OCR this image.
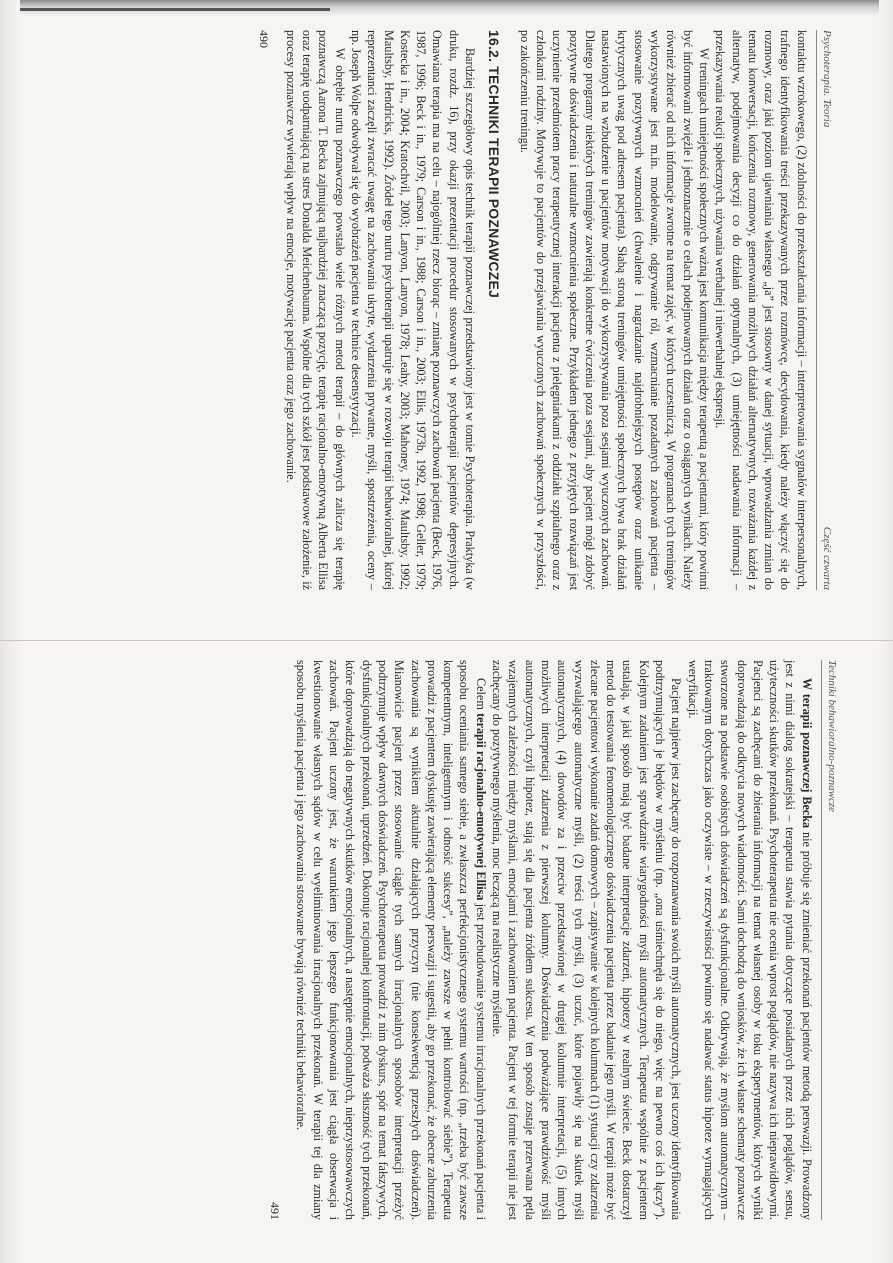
Psychoterapia. Teoria
Część czwarta

kontaktu wzrokowego, (2) zdolności do przekształcania informacji – interpretowania sygnałów interpersonalnych, trafnego identyfikowania treści przekazywanych przez rozmówcę, decydowania, kiedy należy włączyć się do rozmowy, oraz jaki poziom ujawniania własnego „ja” jest stosowny w danej sytuacji, wprowadzania zmian do tematu konwersacji, kończenia rozmowy, generowania możliwych działań alternatywnych, rozważania każdej z alternatyw, podejmowania decyzji co do działań optymalnych, (3) umiejętności nadawania informacji – przekazywania reakcji społecznych, używania werbalnej i niewerbalnej ekspresji.

W treningach umiejętności społecznych ważną jest komunikacja między terapeutą a pacjentami, który powinni być informowani zwięźle i jednoznacznie o celach podejmowanych działań oraz o osiąganych wynikach. Należy również zbierać od nich informacje zwrotne na temat zajęć, w których uczestniczą. W programach tych treningów wykorzystywane jest m.in. modelowanie, odgrywanie ról, wzmacnianie pozadanych zachowań pacjenta – stosowanie pozytywnych wzmocnień (chwalenie i nagradzanie najdrobniejszych postępów oraz unikanie krytycznych uwag pod adresem pacjenta). Słabą stroną treningów umiejętności społecznych bywa brak działań nastawionych na wzbudzenie u pacjentów motywacji do wykorzystywania poza sesjami wyuczonych zachowań. Dlatego programy niektórych treningów zawierają konkretne ćwiczenia poza sesjami, aby pacjent mógł zdobyć pozytywne doświadczenia i naturalne wzmocnienia społeczne. Przykładem jednego z przyjętych rozwiązań jest uczynienie przedmiotem pracy terapeutycznej interakcji pacjenta z pielęgniarkami z oddziału szpitalnego oraz z członkami rodziny. Motywuje to pacjentów do przejawiania wyuczonych zachowań społecznych w przyszłości, po zakończeniu treningu.

16.2. TECHNIKI TERAPII POZNAWCZEJ

Bardziej szczegółowy opis technik terapii poznawczej przedstawiony jest w tomie Psychoterapia. Praktyka (w druku, rozdz. 16), przy okazji prezentacji procedur stosowanych w psychoterapii pacjentów depresyjnych. Omawiana terapia ma na celu – najogólniej rzecz biorąc – zmianę poznawczych zachowań pacjenta (Beck, 1976, 1987, 1996; Beck i in., 1979; Carson i in., 1988; Carson i in., 2003; Ellis, 1973b, 1992, 1998; Geller, 1979; Kostecka i in., 2004; Kratochvil, 2003; Lanyon, Lanyon, 1978; Leahy, 2003; Mahoney, 1974; Maultsby, 1992; Maultsby, Hendricks, 1992). Źródeł tego nurtu psychoterapii upatruje się w rozwoju terapii behawioralnej, której reprezentanci zaczęli zwracać uwagę na zachowania ukryte, wydarzenia prywatne, myśli, spostrzeżenia, oceny – np. Joseph Wolpe odwoływał się do wyobrażeń pacjenta w technice desensytyzacji.

W obrębie nurtu poznawczego powstało wiele różnych metod terapii – do głównych zalicza się terapię poznawczą Aarona T. Becka zajmującą najbardziej znaczącą pozycję, terapię racjonalno-emotywną Alberta Ellisa oraz terapię uodparniającą na stres Donalda Meichenbauma. Wspólne dla tych szkół jest podstawowe założenie, iż procesy poznawcze wywierają wpływ na emocje, motywację pacjenta oraz jego zachowanie.

490
Techniki behawioralno-poznawcze

W terapii poznawczej Becka nie próbuje się zmieniać przekonań pacjentów metodą perswazji. Prowadzony jest z nimi dialog sokratejski – terapeuta stawia pytania dotyczące posiadanych przez nich poglądów, sensu, użyteczności skutków przekonań. Psychoterapeuta nie ocenia wprost poglądów, nie nazywa ich nieprawidłowymi. Pacjenci są zachęcani do zbierania informacji na temat własnej osoby w toku eksperymentów, których wyniki doprowadzają do odkrycia nowych wiadomości. Sami dochodzą do wniosków, że ich własne schematy poznawcze stworzone na podstawie osobistych doświadczeń są dysfunkcjonalne. Odkrywają, że myślom automatycznym – traktowanym dotychczas jako oczywiste – w rzeczywistości powinno się nadawać status hipotez wymagających weryfikacji.

Pacjent najpierw jest zachęcany do rozpoznawania swoich myśli automatycznych, jest uczony identyfikowania podtrzymujących je błędów w myśleniu (np. „ona uśmiechnęła się do niego, więc na pewno coś ich łączy”). Kolejnym zadaniem jest sprawdzanie wiarygodności myśli automatycznych. Terapeuta wspólnie z pacjentem ustalają, w jaki sposób mają być badane interpretacje zdarzeń, hipotezy w realnym świecie. Beck dostarczył metod do testowania fenomenologicznego doświadczenia pacjenta przez badanie jego myśli. W terapii może być zlecane pacjentowi wykonanie zadań domowych – zapisywanie w kolejnych kolumnach (1) sytuacji czy zdarzenia wyzwalającego automatyczne myśli, (2) treści tych myśli, (3) uczuć, które pojawiły się na skutek myśli automatycznych, (4) dowodów za i przeciw przedstawionej w drugiej kolumnie interpretacji, (5) innych możliwych interpretacji zdarzenia z pierwszej kolumny. Doświadczenia podważające prawdziwość myśli automatycznych, czyli hipotez, stają się dla pacjenta źródłem sukcesu. W ten sposób zostaje przerwana pętla wzajemnych zależności między myślami, emocjami i zachowaniem pacjenta. Pacjent w tej formie terapii nie jest zachęcany do pozytywnego myślenia, moc leczącą ma realistyczne myślenie.

Celem terapii racjonalno-emotywnej Ellisa jest przebudowanie systemu irracjonalnych przekonań pacjenta i sposobu oceniania samego siebie, a zwłaszcza perfekcjonistycznego systemu wartości (np. „trzeba być zawsze kompetentnym, inteligentnym i odnosić sukcesy”, „należy zawsze w pełni kontrolować siebie”). Terapeuta prowadzi z pacjentem dyskusję zawierającą elementy perswazji i sugestii, aby go przekonać, że obecne zaburzenia zachowania są wynikiem aktualnie działających przyczyn (nie konsekwencją przeszłych doświadczeń). Mianowicie pacjent przez stosowanie ciągle tych samych irracjonalnych sposobów interpretacji przeżyć podtrzymuje wpływ dawnych doświadczeń. Psychoterapeuta prowadzi z nim dyskurs, spór na temat fałszywych, dysfunkcjonalnych przekonań, uprzedzeń. Dokonuje racjonalnej konfrontacji, podważa słuszność tych przekonań, które doprowadzają do negatywnych skutków emocjonalnych, a następnie emocjonalnych, nieprzystosowawczych zachowań. Pacjent uczony jest, że warunkiem jego lepszego funkcjonowania jest ciągła obserwacja i kwestionowanie własnych sądów w celu wyeliminowania irracjonalnych przekonań. W terapii tej dla zmiany sposobu myślenia pacjenta i jego zachowania stosowane bywają również techniki behawioralne.

491
